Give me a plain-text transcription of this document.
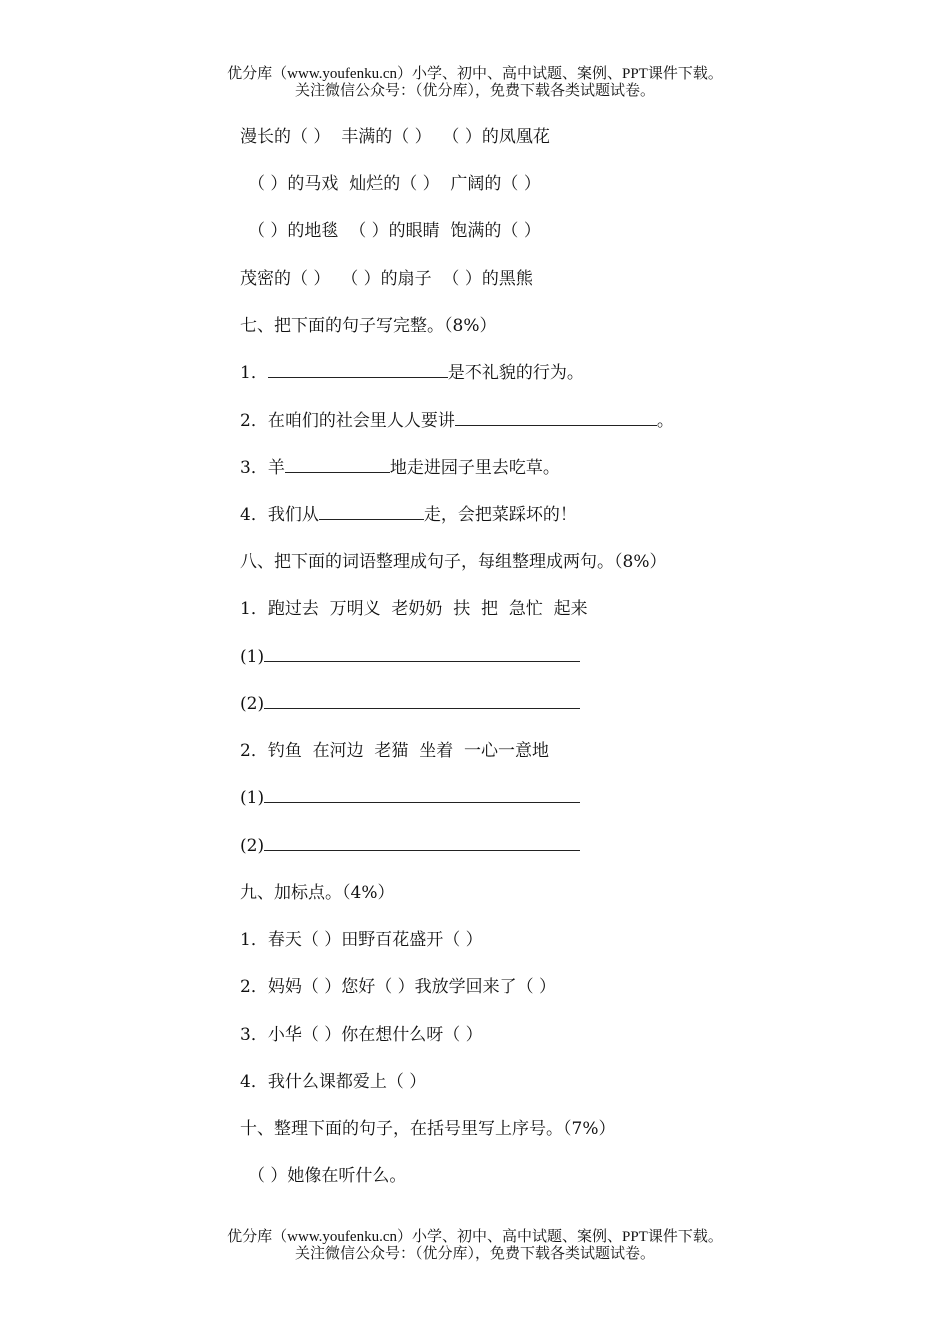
优分库（www.youfenku.cn）小学、初中、高中试题、案例、PPT课件下载。
关注微信公众号：（优分库），免费下载各类试题试卷。
漫长的（ ）  丰满的（ ）  （ ）的凤凰花
（ ）的马戏  灿烂的（ ）  广阔的（ ）
（ ）的地毯  （ ）的眼睛  饱满的（ ）
茂密的（ ）  （ ）的扇子  （ ）的黑熊
七、把下面的句子写完整。（8%）
1．	是不礼貌的行为。
2．在咱们的社会里人人要讲	。
3．羊	地走进园子里去吃草。
4．我们从	走，会把菜踩坏的！
八、把下面的词语整理成句子，每组整理成两句。（8%）
1．跑过去  万明义  老奶奶  扶  把  急忙  起来
(1)
(2)
2．钓鱼  在河边  老猫  坐着  一心一意地
(1)
(2)
九、加标点。（4%）
1．春天（ ）田野百花盛开（ ）
2．妈妈（ ）您好（ ）我放学回来了（ ）
3．小华（ ）你在想什么呀（ ）
4．我什么课都爱上（ ）
十、整理下面的句子，在括号里写上序号。（7%）
（ ）她像在听什么。
优分库（www.youfenku.cn）小学、初中、高中试题、案例、PPT课件下载。
关注微信公众号：（优分库），免费下载各类试题试卷。
